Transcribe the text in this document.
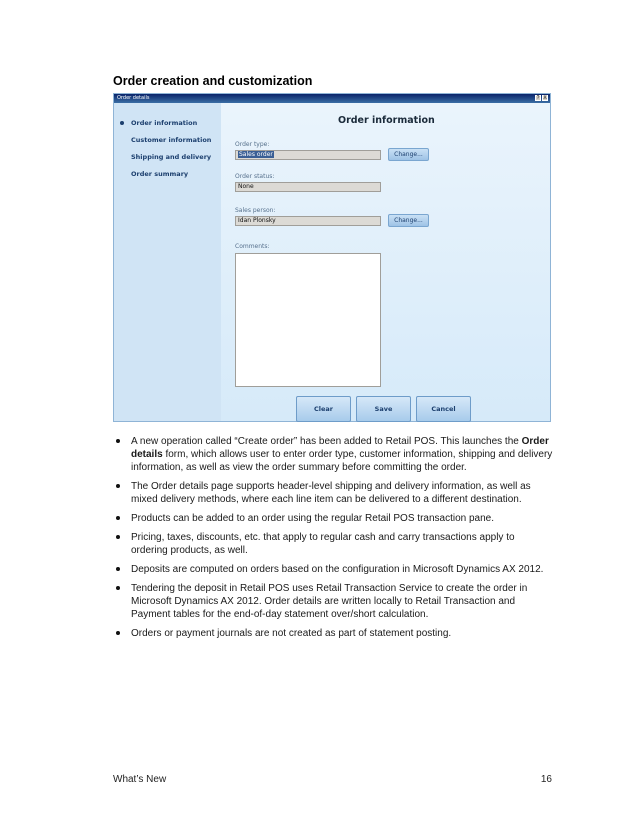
Order creation and customization
Order details	? X
Order information
Customer information
Shipping and delivery
Order summary
Order information
Order type:
Sales order	Change...
Order status:
None
Sales person:
Idan Plonsky	Change...
Comments:
Clear	Save	Cancel
A new operation called “Create order” has been added to Retail POS. This launches the Order details form, which allows user to enter order type, customer information, shipping and delivery information, as well as view the order summary before committing the order.
The Order details page supports header-level shipping and delivery information, as well as mixed delivery methods, where each line item can be delivered to a different destination.
Products can be added to an order using the regular Retail POS transaction pane.
Pricing, taxes, discounts, etc. that apply to regular cash and carry transactions apply to ordering products, as well.
Deposits are computed on orders based on the configuration in Microsoft Dynamics AX 2012.
Tendering the deposit in Retail POS uses Retail Transaction Service to create the order in Microsoft Dynamics AX 2012. Order details are written locally to Retail Transaction and Payment tables for the end-of-day statement over/short calculation.
Orders or payment journals are not created as part of statement posting.
What’s New	16
